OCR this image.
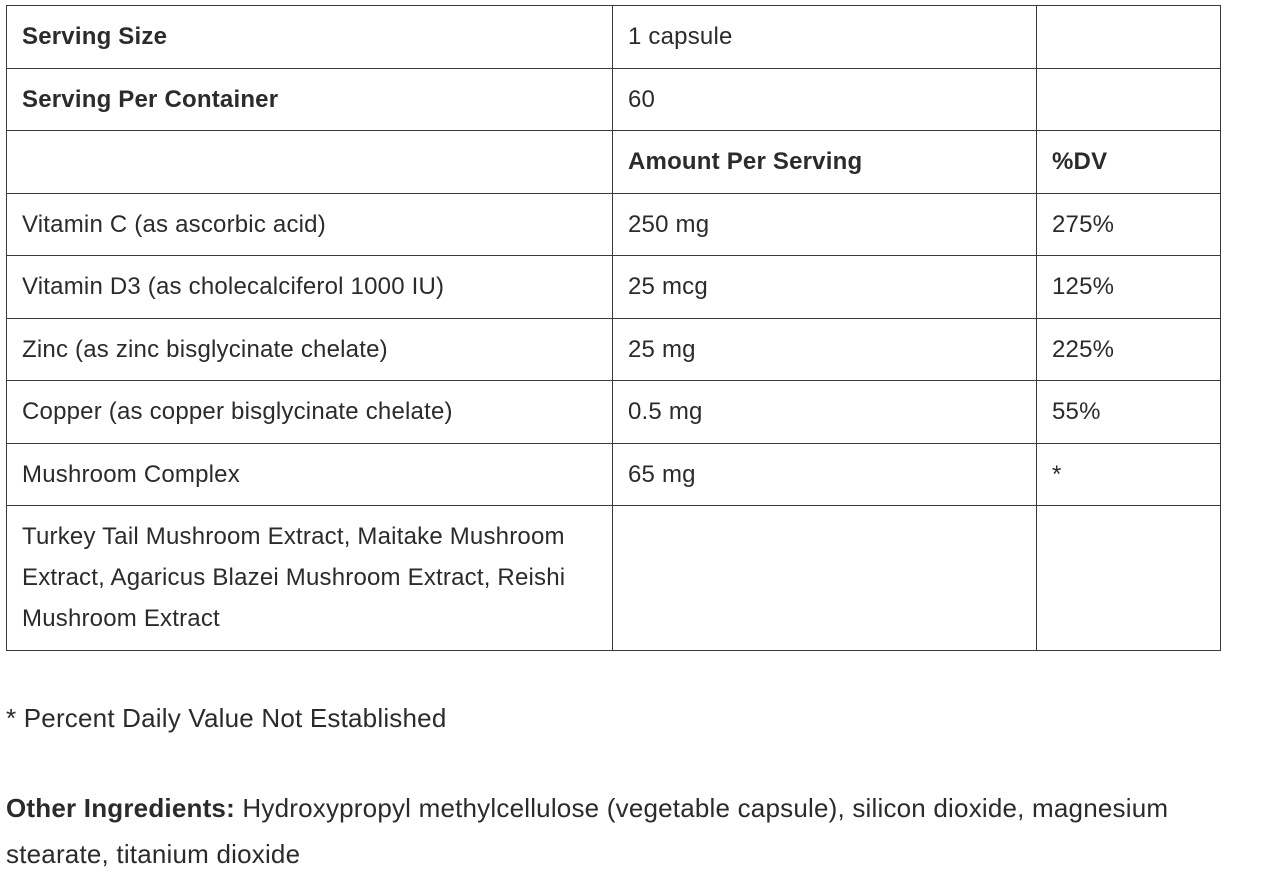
Serving Size	1 capsule	
Serving Per Container	60	
	Amount Per Serving	%DV
Vitamin C (as ascorbic acid)	250 mg	275%
Vitamin D3 (as cholecalciferol 1000 IU)	25 mcg	125%
Zinc (as zinc bisglycinate chelate)	25 mg	225%
Copper (as copper bisglycinate chelate)	0.5 mg	55%
Mushroom Complex	65 mg	*
Turkey Tail Mushroom Extract, Maitake Mushroom Extract, Agaricus Blazei Mushroom Extract, Reishi Mushroom Extract		
* Percent Daily Value Not Established
Other Ingredients: Hydroxypropyl methylcellulose (vegetable capsule), silicon dioxide, magnesium stearate, titanium dioxide
